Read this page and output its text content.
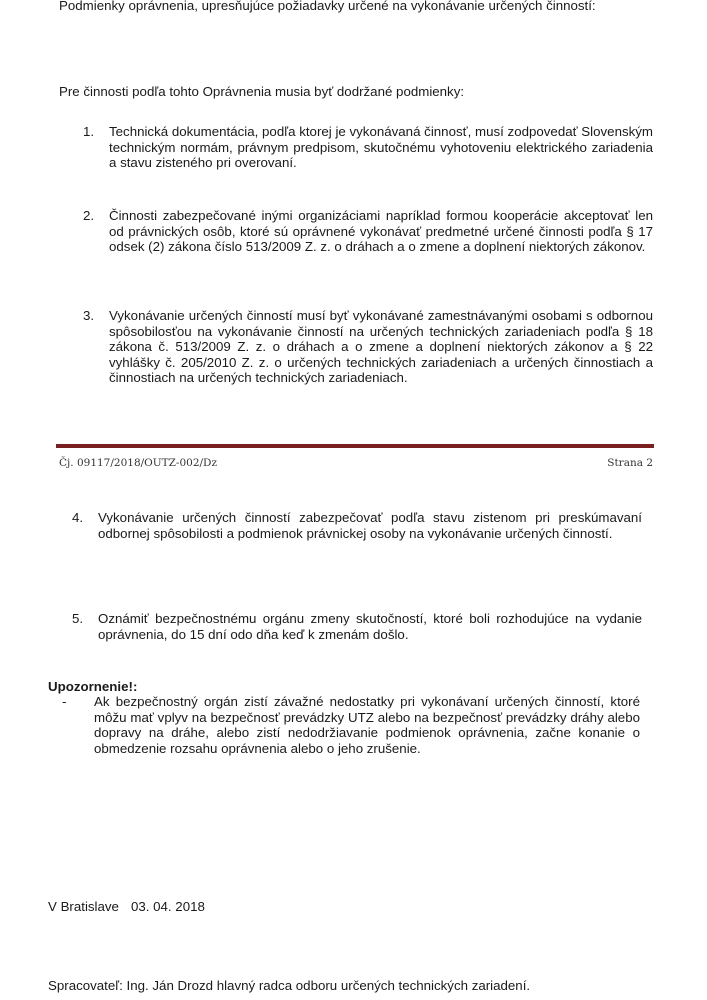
Podmienky oprávnenia, upresňujúce požiadavky určené na vykonávanie určených činností:
Pre činnosti podľa tohto Oprávnenia musia byť dodržané podmienky:
1.	Technická dokumentácia, podľa ktorej je vykonávaná činnosť, musí zodpovedať Slovenským technickým normám, právnym predpisom, skutočnému vyhotoveniu elektrického zariadenia a stavu zisteného pri overovaní.
2.	Činnosti zabezpečované inými organizáciami napríklad formou kooperácie akceptovať len od právnických osôb, ktoré sú oprávnené vykonávať predmetné určené činnosti podľa § 17 odsek (2) zákona číslo 513/2009 Z. z. o dráhach a o zmene a doplnení niektorých zákonov.
3.	Vykonávanie určených činností musí byť vykonávané zamestnávanými osobami s odbornou spôsobilosťou na vykonávanie činností na určených technických zariadeniach podľa § 18 zákona č. 513/2009 Z. z. o dráhach a o zmene a doplnení niektorých zákonov a § 22 vyhlášky č. 205/2010 Z. z. o určených technických zariadeniach a určených činnostiach a činnostiach na určených technických zariadeniach.
Čj. 09117/2018/OUTZ-002/Dz	Strana 2
4.	Vykonávanie určených činností zabezpečovať podľa stavu zistenom pri preskúmavaní odbornej spôsobilosti a podmienok právnickej osoby na vykonávanie určených činností.
5.	Oznámiť bezpečnostnému orgánu zmeny skutočností, ktoré boli rozhodujúce na vydanie oprávnenia, do 15 dní odo dňa keď k zmenám došlo.
Upozornenie!:
-	Ak bezpečnostný orgán zistí závažné nedostatky pri vykonávaní určených činností, ktoré môžu mať vplyv na bezpečnosť prevádzky UTZ alebo na bezpečnosť prevádzky dráhy alebo dopravy na dráhe, alebo zistí nedodržiavanie podmienok oprávnenia, začne konanie o obmedzenie rozsahu oprávnenia alebo o jeho zrušenie.
V Bratislave 03. 04. 2018
Spracovateľ: Ing. Ján Drozd hlavný radca odboru určených technických zariadení.
